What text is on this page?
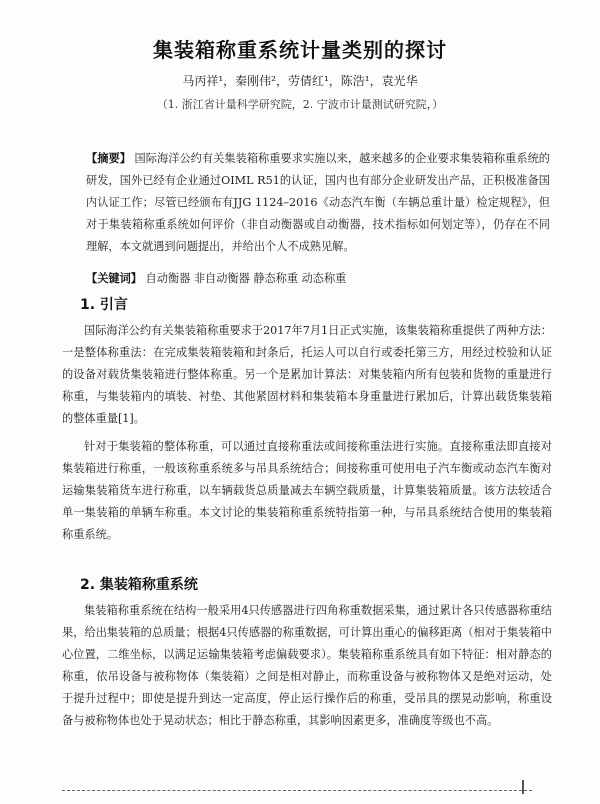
集装箱称重系统计量类别的探讨
马丙祥¹，秦刚伟²，劳倩红¹，陈浩¹，袁光华
（1. 浙江省计量科学研究院，2. 宁波市计量测试研究院，）
【摘要】 国际海洋公约有关集装箱称重要求实施以来，越来越多的企业要求集装箱称重系统的研发，国外已经有企业通过OIML R51的认证，国内也有部分企业研发出产品，正积极准备国内认证工作；尽管已经颁布有JJG 1124–2016《动态汽车衡（车辆总重计量）检定规程》，但对于集装箱称重系统如何评价（非自动衡器或自动衡器，技术指标如何划定等），仍存在不同理解，本文就遇到问题提出，并给出个人不成熟见解。
【关键词】 自动衡器 非自动衡器 静态称重 动态称重
1. 引言
国际海洋公约有关集装箱称重要求于2017年7月1日正式实施，该集装箱称重提供了两种方法：一是整体称重法：在完成集装箱装箱和封条后，托运人可以自行或委托第三方，用经过校验和认证的设备对载货集装箱进行整体称重。另一个是累加计算法：对集装箱内所有包装和货物的重量进行称重，与集装箱内的填装、衬垫、其他紧固材料和集装箱本身重量进行累加后，计算出载货集装箱的整体重量[1]。
针对于集装箱的整体称重，可以通过直接称重法或间接称重法进行实施。直接称重法即直接对集装箱进行称重，一般该称重系统多与吊具系统结合；间接称重可使用电子汽车衡或动态汽车衡对运输集装箱货车进行称重，以车辆载货总质量减去车辆空载质量，计算集装箱质量。该方法较适合单一集装箱的单辆车称重。本文讨论的集装箱称重系统特指第一种，与吊具系统结合使用的集装箱称重系统。
2. 集装箱称重系统
集装箱称重系统在结构一般采用4只传感器进行四角称重数据采集，通过累计各只传感器称重结果，给出集装箱的总质量；根据4只传感器的称重数据，可计算出重心的偏移距离（相对于集装箱中心位置，二维坐标，以满足运输集装箱考虑偏载要求）。集装箱称重系统具有如下特征：相对静态的称重，依吊设备与被称物体（集装箱）之间是相对静止，而称重设备与被称物体又是绝对运动，处于提升过程中；即使是提升到达一定高度，停止运行操作后的称重，受吊具的摆晃动影响，称重设备与被称物体也处于晃动状态；相比于静态称重，其影响因素更多，准确度等级也不高。
